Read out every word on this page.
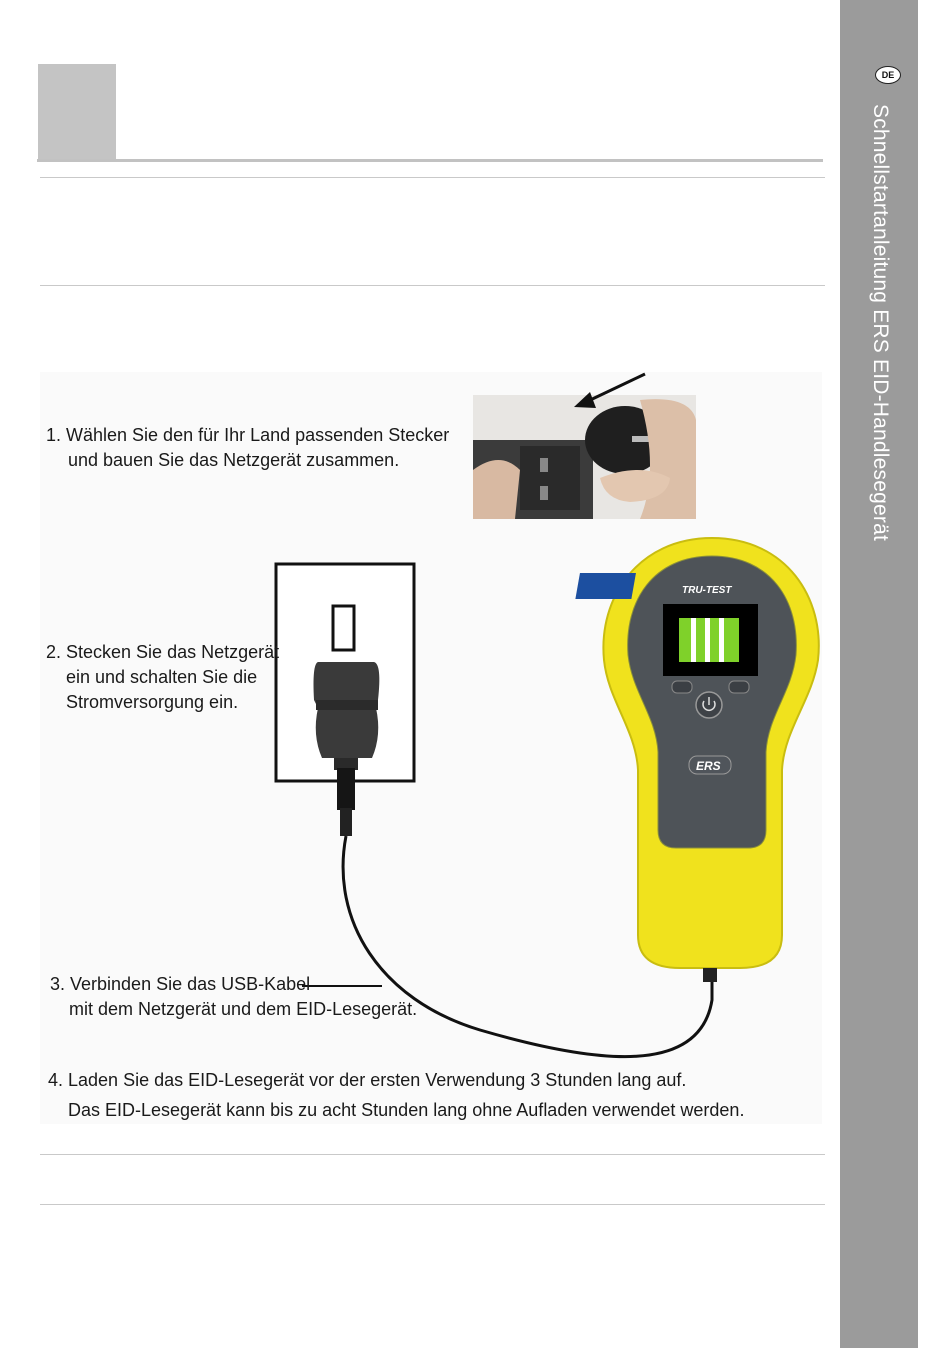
DE
Schnellstartanleitung ERS EID-Handlesegerät
TRU-TEST
ERS
1. Wählen Sie den für Ihr Land passenden Stecker
und bauen Sie das Netzgerät zusammen.
2. Stecken Sie das Netzgerät
ein und schalten Sie die
Stromversorgung ein.
3. Verbinden Sie das USB-Kabel
mit dem Netzgerät und dem EID-Lesegerät.
4. Laden Sie das EID-Lesegerät vor der ersten Verwendung 3 Stunden lang auf.
Das EID-Lesegerät kann bis zu acht Stunden lang ohne Aufladen verwendet werden.
